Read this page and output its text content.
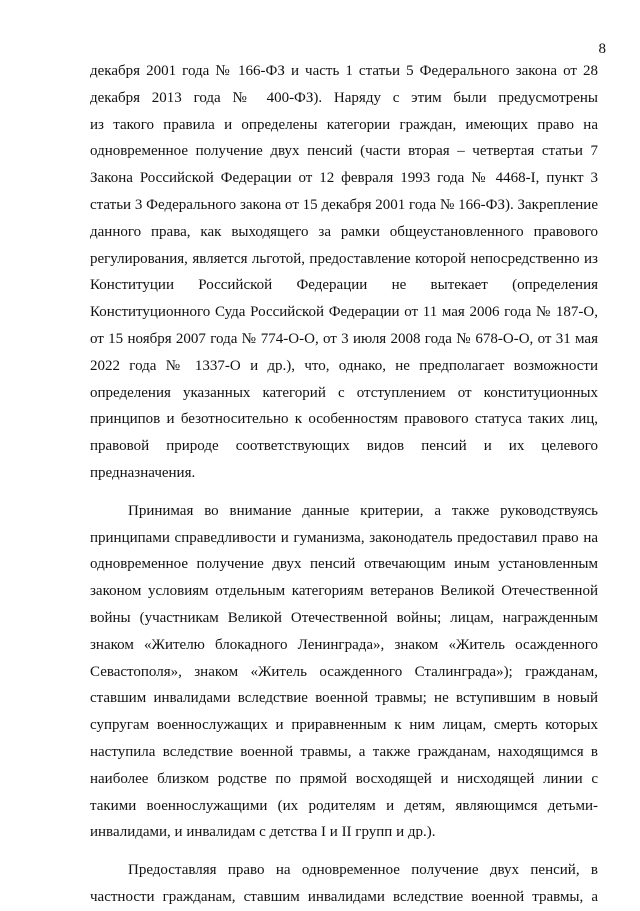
8
декабря 2001 года № 166-ФЗ и часть 1 статьи 5 Федерального закона от 28
декабря 2013 года № 400-ФЗ). Наряду с этим были предусмотрены
из такого правила и определены категории граждан, имеющих право на
одновременное получение двух пенсий (части вторая – четвертая статьи 7
Закона Российской Федерации от 12 февраля 1993 года № 4468-I, пункт 3
статьи 3 Федерального закона от 15 декабря 2001 года № 166-ФЗ). Закрепление
данного права, как выходящего за рамки общеустановленного правового
регулирования, является льготой, предоставление которой непосредственно из
Конституции Российской Федерации не вытекает (определения
Конституционного Суда Российской Федерации от 11 мая 2006 года № 187-О,
от 15 ноября 2007 года № 774-О-О, от 3 июля 2008 года № 678-О-О, от 31 мая
2022 года № 1337-О и др.), что, однако, не предполагает возможности
определения указанных категорий с отступлением от конституционных
принципов и безотносительно к особенностям правового статуса таких лиц,
правовой природе соответствующих видов пенсий и их целевого
предназначения.
Принимая во внимание данные критерии, а также руководствуясь
принципами справедливости и гуманизма, законодатель предоставил право на
одновременное получение двух пенсий отвечающим иным установленным
законом условиям отдельным категориям ветеранов Великой Отечественной
войны (участникам Великой Отечественной войны; лицам, награжденным
знаком «Жителю блокадного Ленинграда», знаком «Житель осажденного
Севастополя», знаком «Житель осажденного Сталинграда»); гражданам,
ставшим инвалидами вследствие военной травмы; не вступившим в новый
супругам военнослужащих и приравненным к ним лицам, смерть которых
наступила вследствие военной травмы, а также гражданам, находящимся в
наиболее близком родстве по прямой восходящей и нисходящей линии с
такими военнослужащими (их родителям и детям, являющимся детьми-
инвалидами, и инвалидам с детства I и II групп и др.).
Предоставляя право на одновременное получение двух пенсий, в
частности гражданам, ставшим инвалидами вследствие военной травмы, а
